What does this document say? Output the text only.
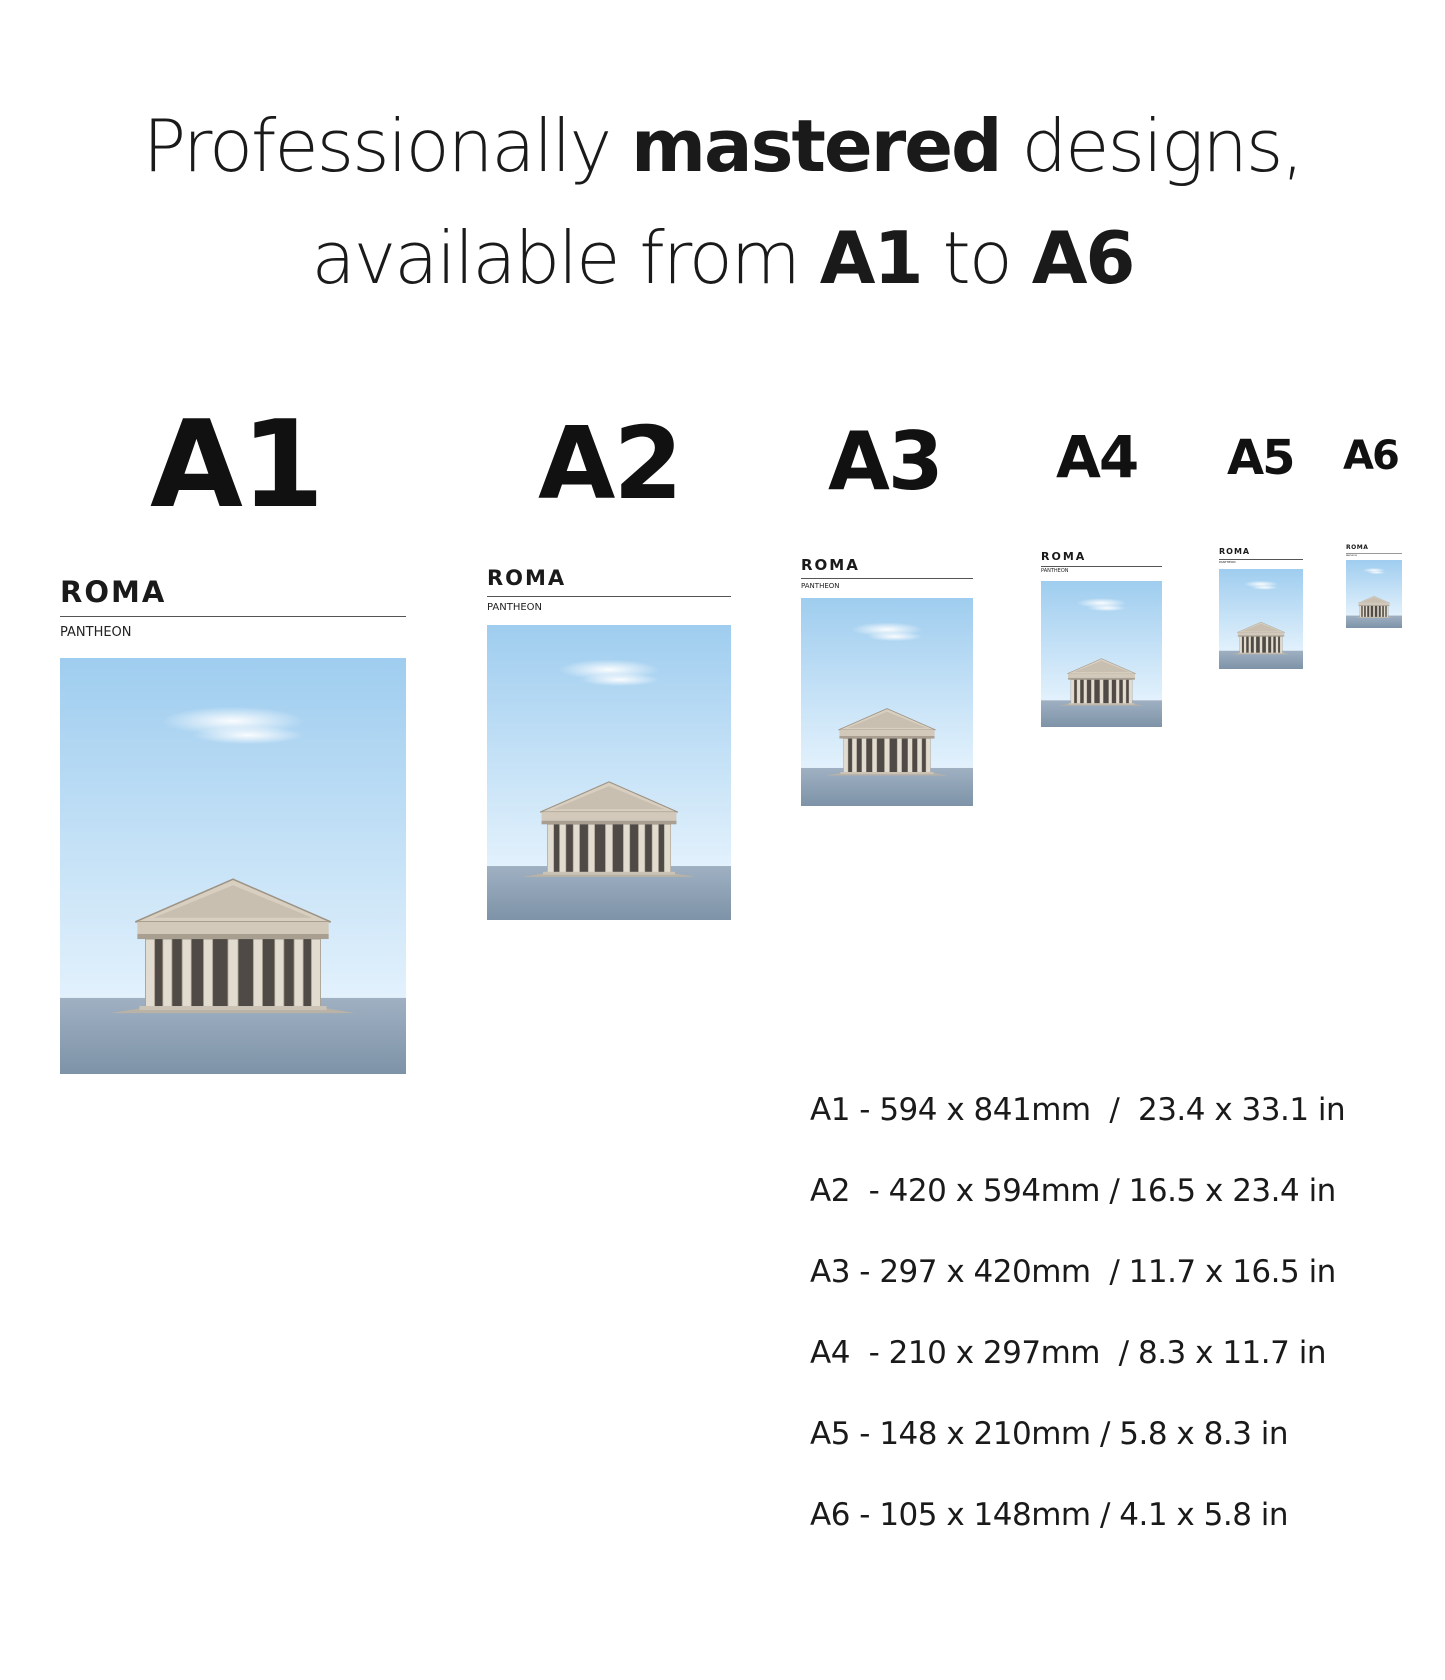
Professionally mastered designs,
available from A1 to A6
A1 A2 A3 A4 A5 A6
ROMA
PANTHEON
ROMA
PANTHEON
ROMA
PANTHEON
ROMA
PANTHEON
ROMA
PANTHEON
ROMA
PANTHEON
A1 - 594 x 841mm  /  23.4 x 33.1 in
A2  - 420 x 594mm / 16.5 x 23.4 in
A3 - 297 x 420mm  / 11.7 x 16.5 in
A4  - 210 x 297mm  / 8.3 x 11.7 in
A5 - 148 x 210mm / 5.8 x 8.3 in
A6 - 105 x 148mm / 4.1 x 5.8 in
